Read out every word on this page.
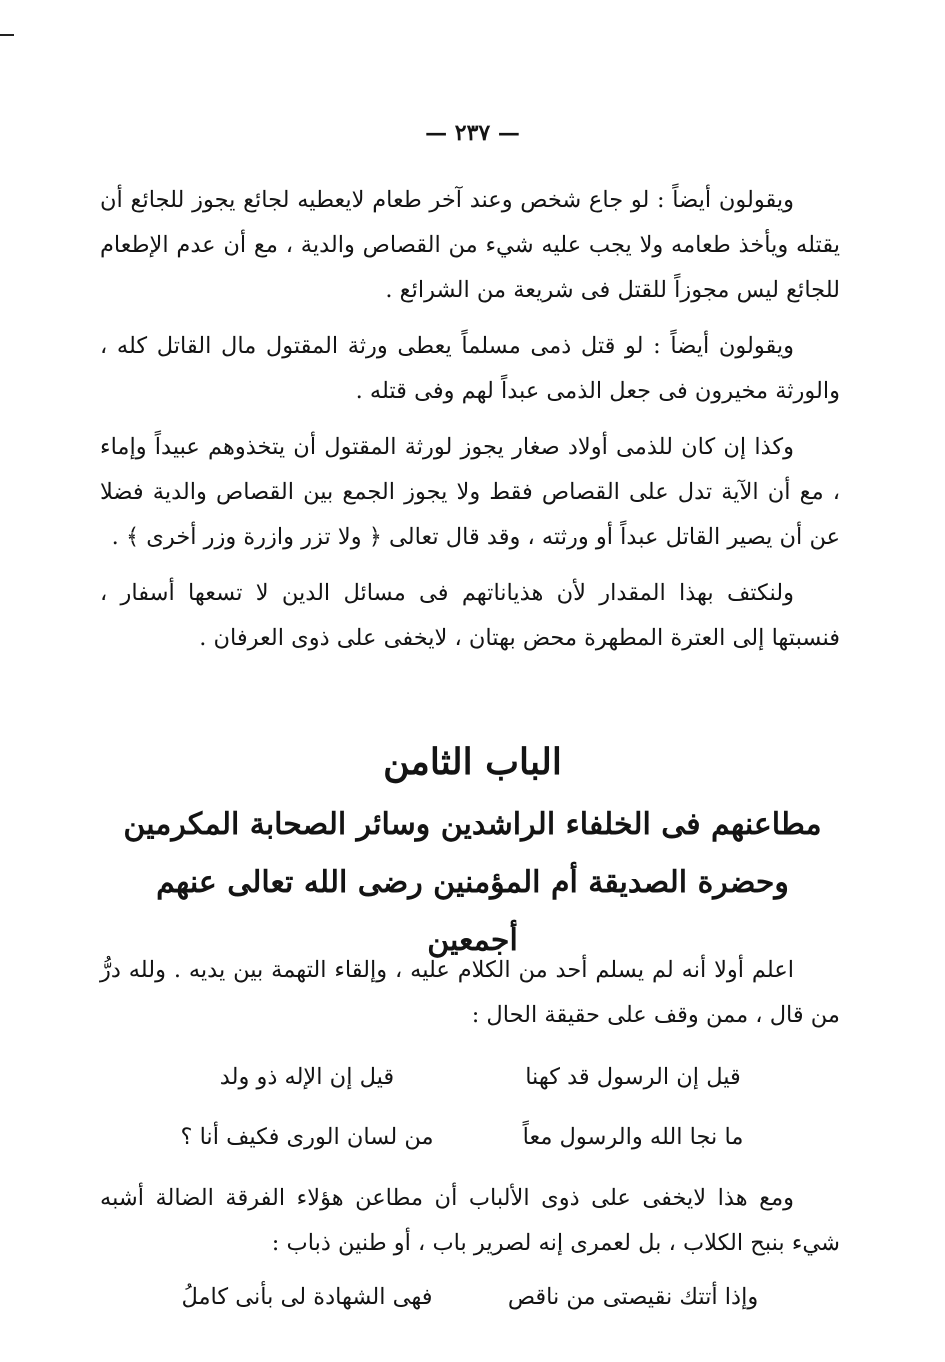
— ٢٣٧ —

ويقولون أيضاً : لو جاع شخص وعند آخر طعام لايعطيه لجائع يجوز للجائع أن يقتله ويأخذ طعامه ولا يجب عليه شيء من القصاص والدية ، مع أن عدم الإطعام للجائع ليس مجوزاً للقتل فى شريعة من الشرائع .

ويقولون أيضاً : لو قتل ذمى مسلماً يعطى ورثة المقتول مال القاتل كله ، والورثة مخيرون فى جعل الذمى عبداً لهم وفى قتله .

وكذا إن كان للذمى أولاد صغار يجوز لورثة المقتول أن يتخذوهم عبيداً وإماء ، مع أن الآية تدل على القصاص فقط ولا يجوز الجمع بين القصاص والدية فضلا عن أن يصير القاتل عبداً أو ورثته ، وقد قال تعالى ﴿ ولا تزر وازرة وزر أخرى ﴾ .

ولنكتف بهذا المقدار لأن هذياناتهم فى مسائل الدين لا تسعها أسفار ، فنسبتها إلى العترة المطهرة محض بهتان ، لايخفى على ذوى العرفان .

الباب الثامن
مطاعنهم فى الخلفاء الراشدين وسائر الصحابة المكرمين
وحضرة الصديقة أم المؤمنين رضى الله تعالى عنهم أجمعين

اعلم أولا أنه لم يسلم أحد من الكلام عليه ، وإلقاء التهمة بين يديه . ولله درُّ من قال ، ممن وقف على حقيقة الحال :

قيل إن الرسول قد كهنا
قيل إن الإله ذو ولد
ما نجا الله والرسول معاً
من لسان الورى فكيف أنا ؟

ومع هذا لايخفى على ذوى الألباب أن مطاعن هؤلاء الفرقة الضالة أشبه شيء بنبح الكلاب ، بل لعمرى إنه لصرير باب ، أو طنين ذباب :

وإذا أتتك نقيصتى من ناقص
فهى الشهادة لى بأنى كاملُ
